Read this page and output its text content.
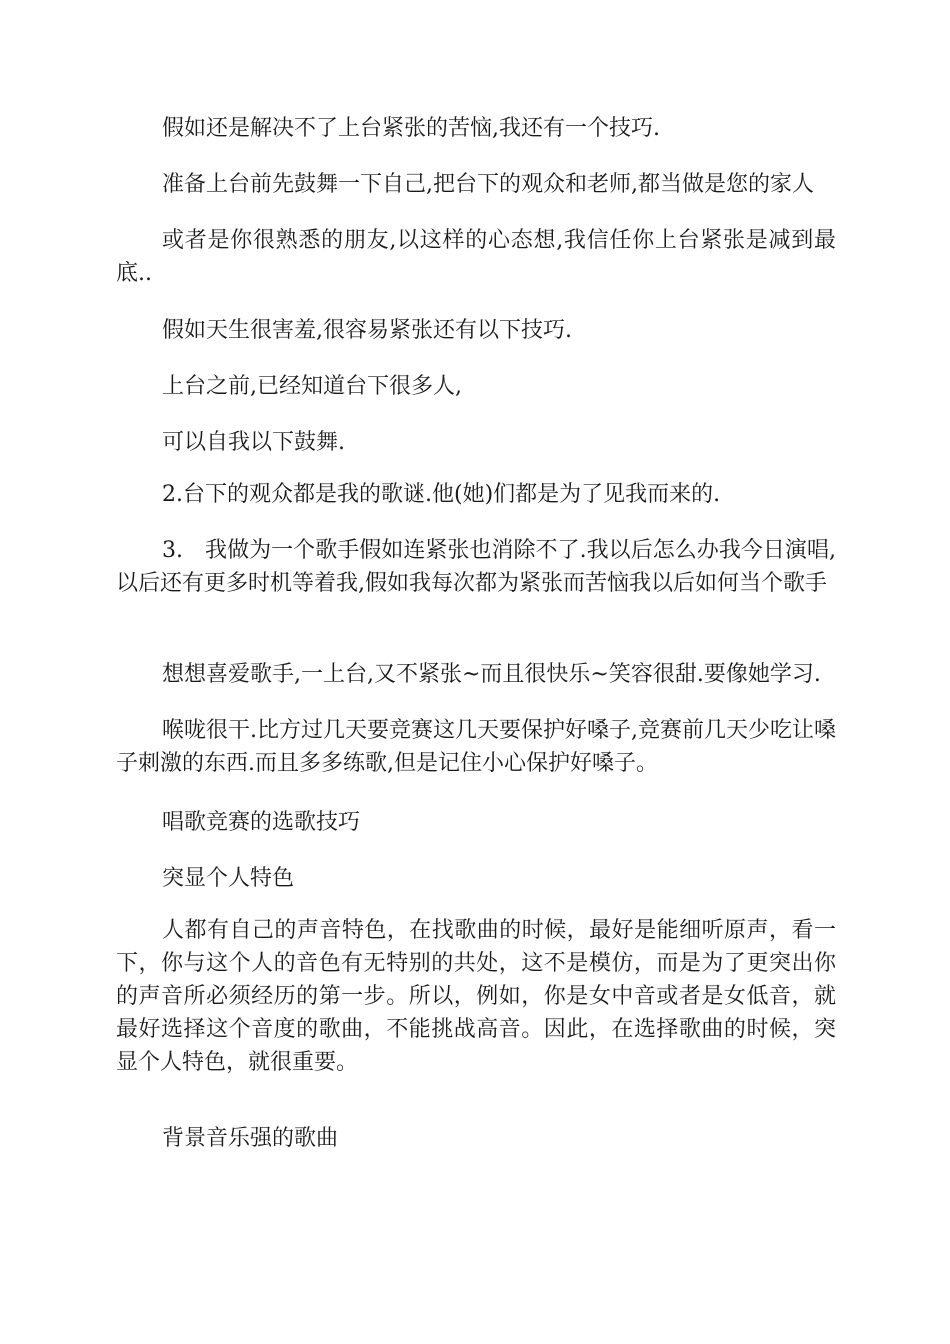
假如还是解决不了上台紧张的苦恼,我还有一个技巧.

准备上台前先鼓舞一下自己,把台下的观众和老师,都当做是您的家人

或者是你很熟悉的朋友,以这样的心态想,我信任你上台紧张是减到最底..

假如天生很害羞,很容易紧张还有以下技巧.

上台之前,已经知道台下很多人,

可以自我以下鼓舞.

2.台下的观众都是我的歌谜.他(她)们都是为了见我而来的.

3.　我做为一个歌手假如连紧张也消除不了.我以后怎么办我今日演唱,以后还有更多时机等着我,假如我每次都为紧张而苦恼我以后如何当个歌手

想想喜爱歌手,一上台,又不紧张~而且很快乐~笑容很甜.要像她学习.

喉咙很干.比方过几天要竞赛这几天要保护好嗓子,竞赛前几天少吃让嗓子刺激的东西.而且多多练歌,但是记住小心保护好嗓子。

唱歌竞赛的选歌技巧

突显个人特色

人都有自己的声音特色，在找歌曲的时候，最好是能细听原声，看一下，你与这个人的音色有无特别的共处，这不是模仿，而是为了更突出你的声音所必须经历的第一步。所以，例如，你是女中音或者是女低音，就最好选择这个音度的歌曲，不能挑战高音。因此，在选择歌曲的时候，突显个人特色，就很重要。

背景音乐强的歌曲
